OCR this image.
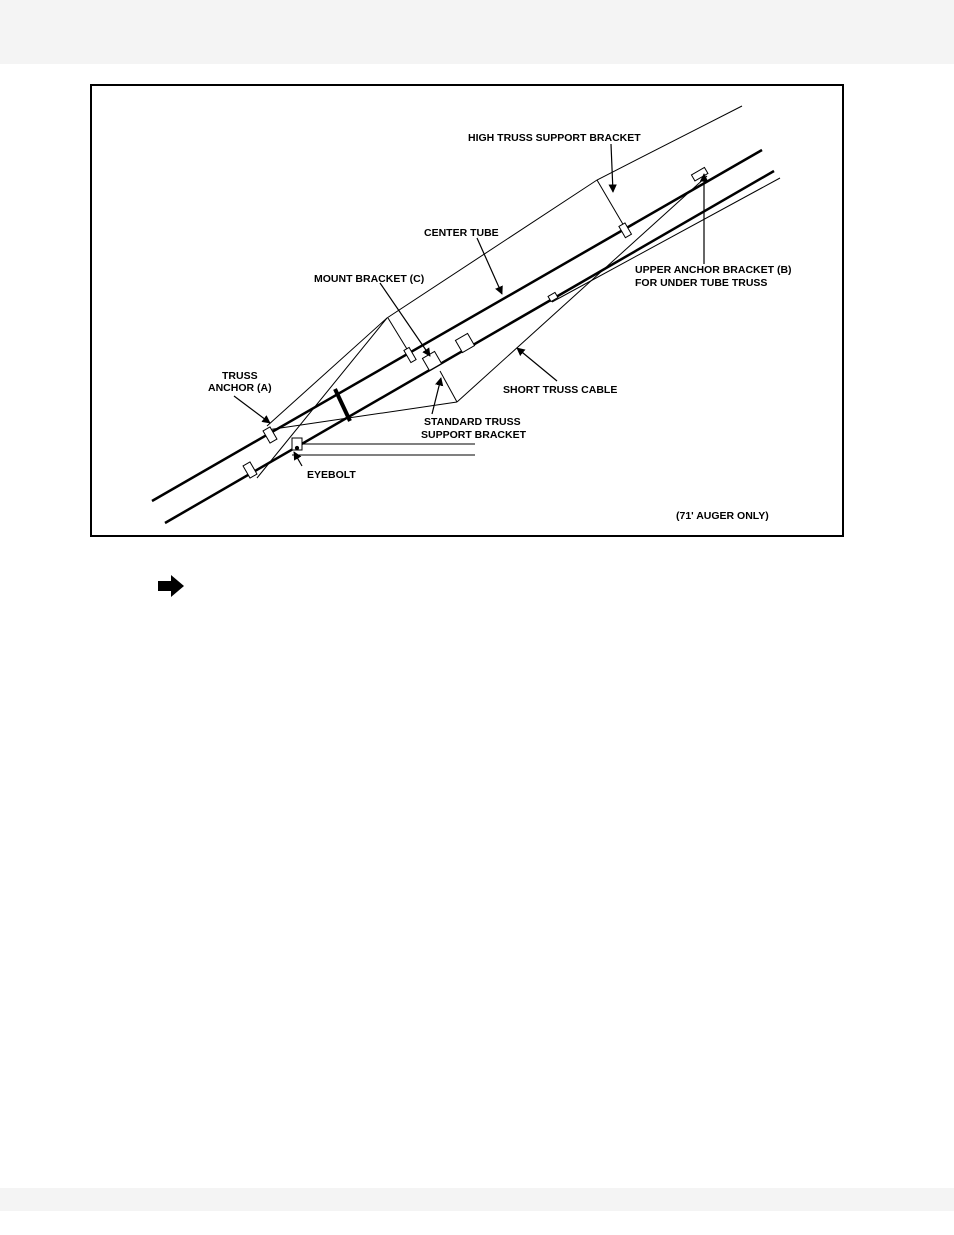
HIGH TRUSS SUPPORT BRACKET
CENTER TUBE
MOUNT BRACKET (C)
UPPER ANCHOR BRACKET (B)
FOR UNDER TUBE TRUSS
TRUSS
ANCHOR (A)	SHORT TRUSS CABLE
STANDARD TRUSS
SUPPORT BRACKET
EYEBOLT
(71' AUGER ONLY)
